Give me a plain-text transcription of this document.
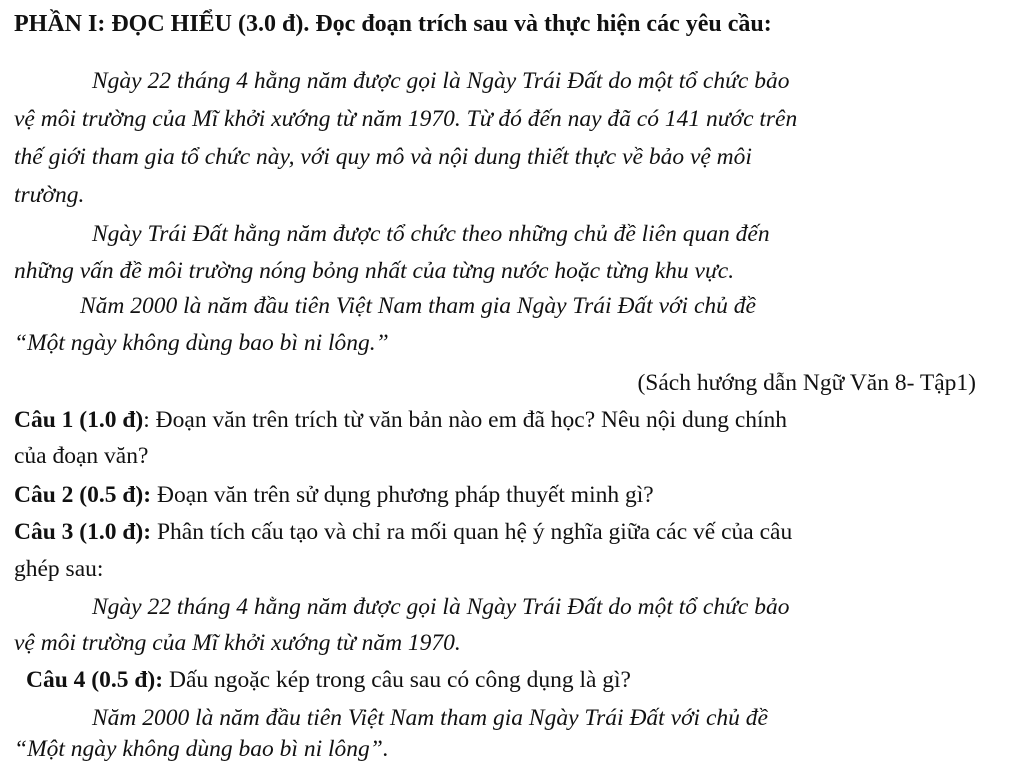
PHẦN I: ĐỌC HIỂU (3.0 đ). Đọc đoạn trích sau và thực hiện các yêu cầu:
Ngày 22 tháng 4 hằng năm được gọi là Ngày Trái Đất do một tổ chức bảo
vệ môi trường của Mĩ khởi xướng từ năm 1970. Từ đó đến nay đã có 141 nước trên
thế giới tham gia tổ chức này, với quy mô và nội dung thiết thực về bảo vệ môi
trường.
Ngày Trái Đất hằng năm được tổ chức theo những chủ đề liên quan đến
những vấn đề môi trường nóng bỏng nhất của từng nước hoặc từng khu vực.
Năm 2000 là năm đầu tiên Việt Nam tham gia Ngày Trái Đất với chủ đề
“Một ngày không dùng bao bì ni lông.”
(Sách hướng dẫn Ngữ Văn 8- Tập1)
Câu 1 (1.0 đ): Đoạn văn trên trích từ văn bản nào em đã học? Nêu nội dung chính
của đoạn văn?
Câu 2 (0.5 đ): Đoạn văn trên sử dụng phương pháp thuyết minh gì?
Câu 3 (1.0 đ): Phân tích cấu tạo và chỉ ra mối quan hệ ý nghĩa giữa các vế của câu
ghép sau:
Ngày 22 tháng 4 hằng năm được gọi là Ngày Trái Đất do một tổ chức bảo
vệ môi trường của Mĩ khởi xướng từ năm 1970.
Câu 4 (0.5 đ): Dấu ngoặc kép trong câu sau có công dụng là gì?
Năm 2000 là năm đầu tiên Việt Nam tham gia Ngày Trái Đất với chủ đề
“Một ngày không dùng bao bì ni lông”.
